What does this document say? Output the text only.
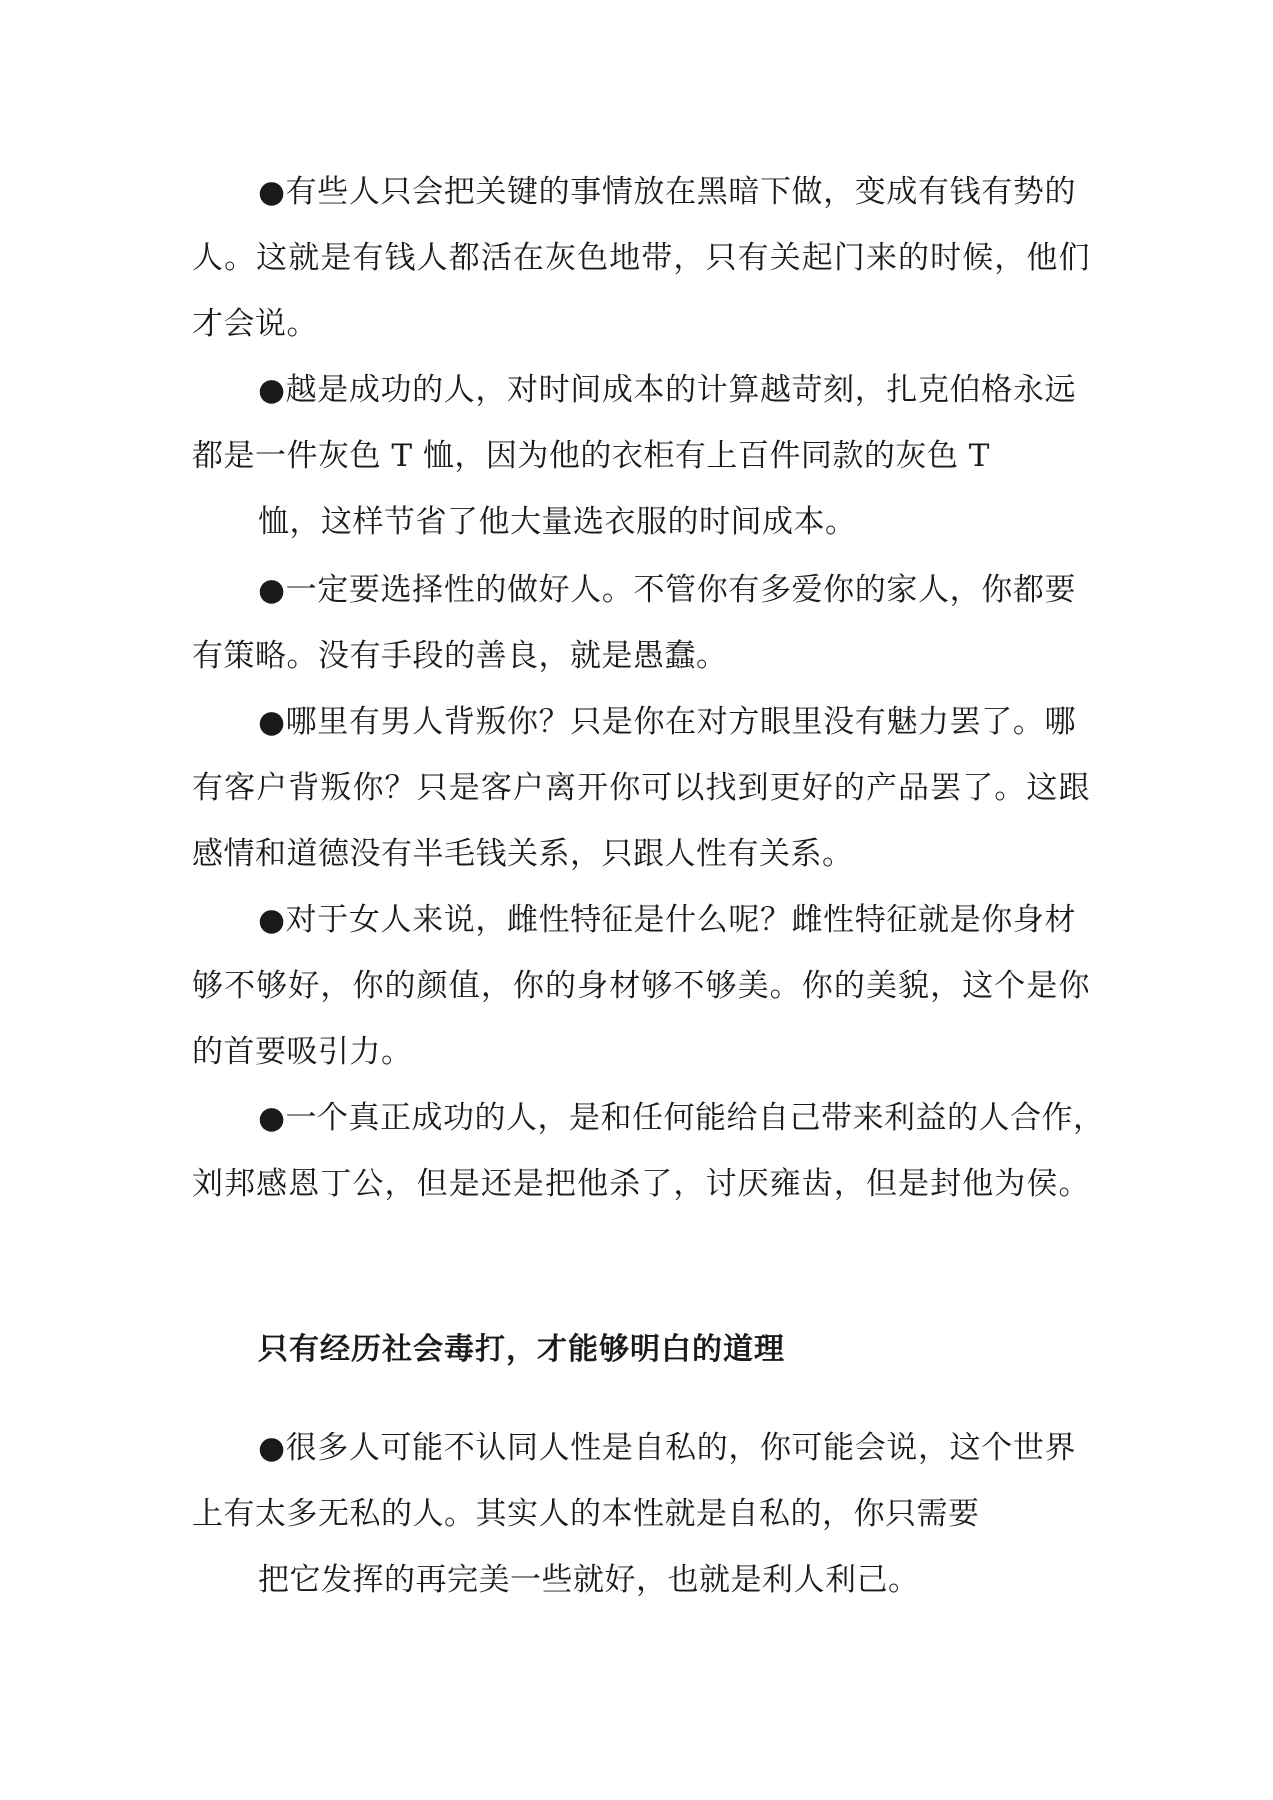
●有些人只会把关键的事情放在黑暗下做，变成有钱有势的
人。这就是有钱人都活在灰色地带，只有关起门来的时候，他们
才会说。
●越是成功的人，对时间成本的计算越苛刻，扎克伯格永远
都是一件灰色 T 恤，因为他的衣柜有上百件同款的灰色 T
恤，这样节省了他大量选衣服的时间成本。
●一定要选择性的做好人。不管你有多爱你的家人，你都要
有策略。没有手段的善良，就是愚蠢。
●哪里有男人背叛你？只是你在对方眼里没有魅力罢了。哪
有客户背叛你？只是客户离开你可以找到更好的产品罢了。这跟
感情和道德没有半毛钱关系，只跟人性有关系。
●对于女人来说，雌性特征是什么呢？雌性特征就是你身材
够不够好，你的颜值，你的身材够不够美。你的美貌，这个是你
的首要吸引力。
●一个真正成功的人，是和任何能给自己带来利益的人合作，
刘邦感恩丁公，但是还是把他杀了，讨厌雍齿，但是封他为侯。
只有经历社会毒打，才能够明白的道理
●很多人可能不认同人性是自私的，你可能会说，这个世界
上有太多无私的人。其实人的本性就是自私的，你只需要
把它发挥的再完美一些就好，也就是利人利己。
